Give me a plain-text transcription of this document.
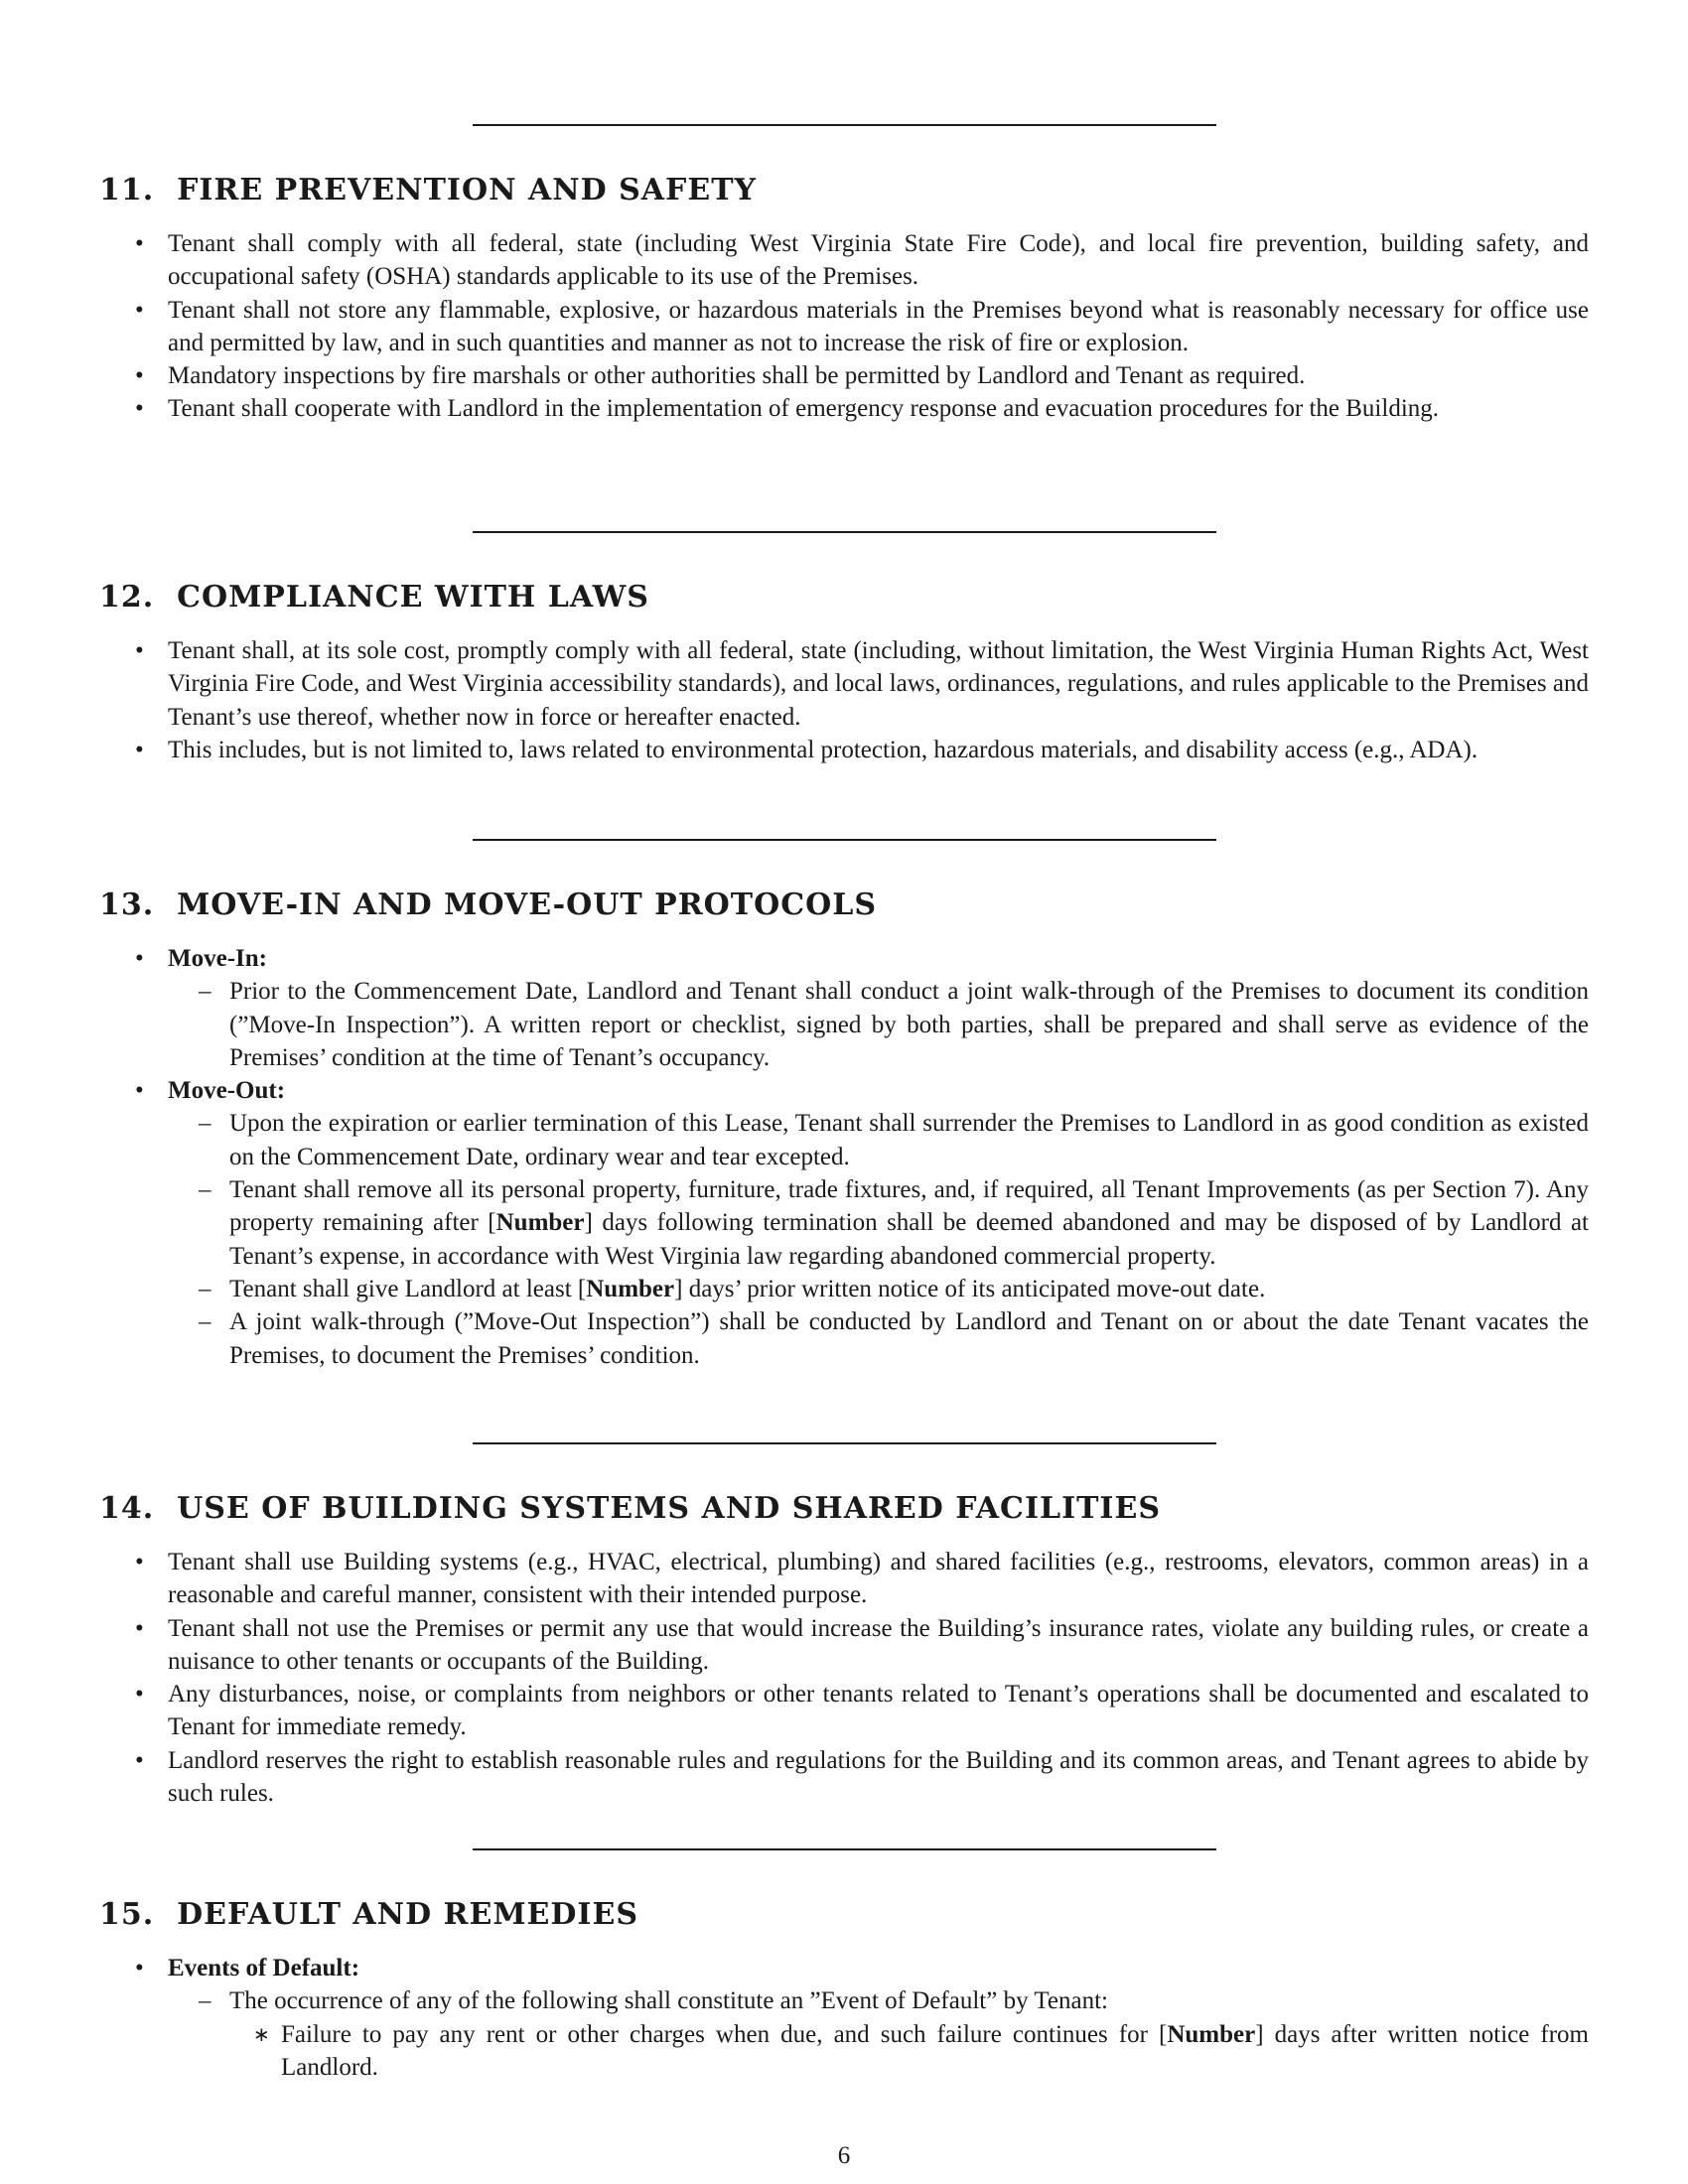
11. FIRE PREVENTION AND SAFETY
• Tenant shall comply with all federal, state (including West Virginia State Fire Code), and local fire prevention, building safety, and occupational safety (OSHA) standards applicable to its use of the Premises.
• Tenant shall not store any flammable, explosive, or hazardous materials in the Premises beyond what is reasonably necessary for office use and permitted by law, and in such quantities and manner as not to increase the risk of fire or explosion.
• Mandatory inspections by fire marshals or other authorities shall be permitted by Landlord and Tenant as required.
• Tenant shall cooperate with Landlord in the implementation of emergency response and evacuation procedures for the Building.
12. COMPLIANCE WITH LAWS
• Tenant shall, at its sole cost, promptly comply with all federal, state (including, without limitation, the West Virginia Human Rights Act, West Virginia Fire Code, and West Virginia accessibility standards), and local laws, ordinances, regulations, and rules applicable to the Premises and Tenant’s use thereof, whether now in force or hereafter enacted.
• This includes, but is not limited to, laws related to environmental protection, hazardous materials, and disability access (e.g., ADA).
13. MOVE-IN AND MOVE-OUT PROTOCOLS
• Move-In:
– Prior to the Commencement Date, Landlord and Tenant shall conduct a joint walk-through of the Premises to document its condition (”Move-In Inspection”). A written report or checklist, signed by both parties, shall be prepared and shall serve as evidence of the Premises’ condition at the time of Tenant’s occupancy.
• Move-Out:
– Upon the expiration or earlier termination of this Lease, Tenant shall surrender the Premises to Landlord in as good condition as existed on the Commencement Date, ordinary wear and tear excepted.
– Tenant shall remove all its personal property, furniture, trade fixtures, and, if required, all Tenant Improvements (as per Section 7). Any property remaining after [Number] days following termination shall be deemed abandoned and may be disposed of by Landlord at Tenant’s expense, in accordance with West Virginia law regarding abandoned commercial property.
– Tenant shall give Landlord at least [Number] days’ prior written notice of its anticipated move-out date.
– A joint walk-through (”Move-Out Inspection”) shall be conducted by Landlord and Tenant on or about the date Tenant vacates the Premises, to document the Premises’ condition.
14. USE OF BUILDING SYSTEMS AND SHARED FACILITIES
• Tenant shall use Building systems (e.g., HVAC, electrical, plumbing) and shared facilities (e.g., restrooms, elevators, common areas) in a reasonable and careful manner, consistent with their intended purpose.
• Tenant shall not use the Premises or permit any use that would increase the Building’s insurance rates, violate any building rules, or create a nuisance to other tenants or occupants of the Building.
• Any disturbances, noise, or complaints from neighbors or other tenants related to Tenant’s operations shall be documented and escalated to Tenant for immediate remedy.
• Landlord reserves the right to establish reasonable rules and regulations for the Building and its common areas, and Tenant agrees to abide by such rules.
15. DEFAULT AND REMEDIES
• Events of Default:
– The occurrence of any of the following shall constitute an ”Event of Default” by Tenant:
∗ Failure to pay any rent or other charges when due, and such failure continues for [Number] days after written notice from Landlord.
6
